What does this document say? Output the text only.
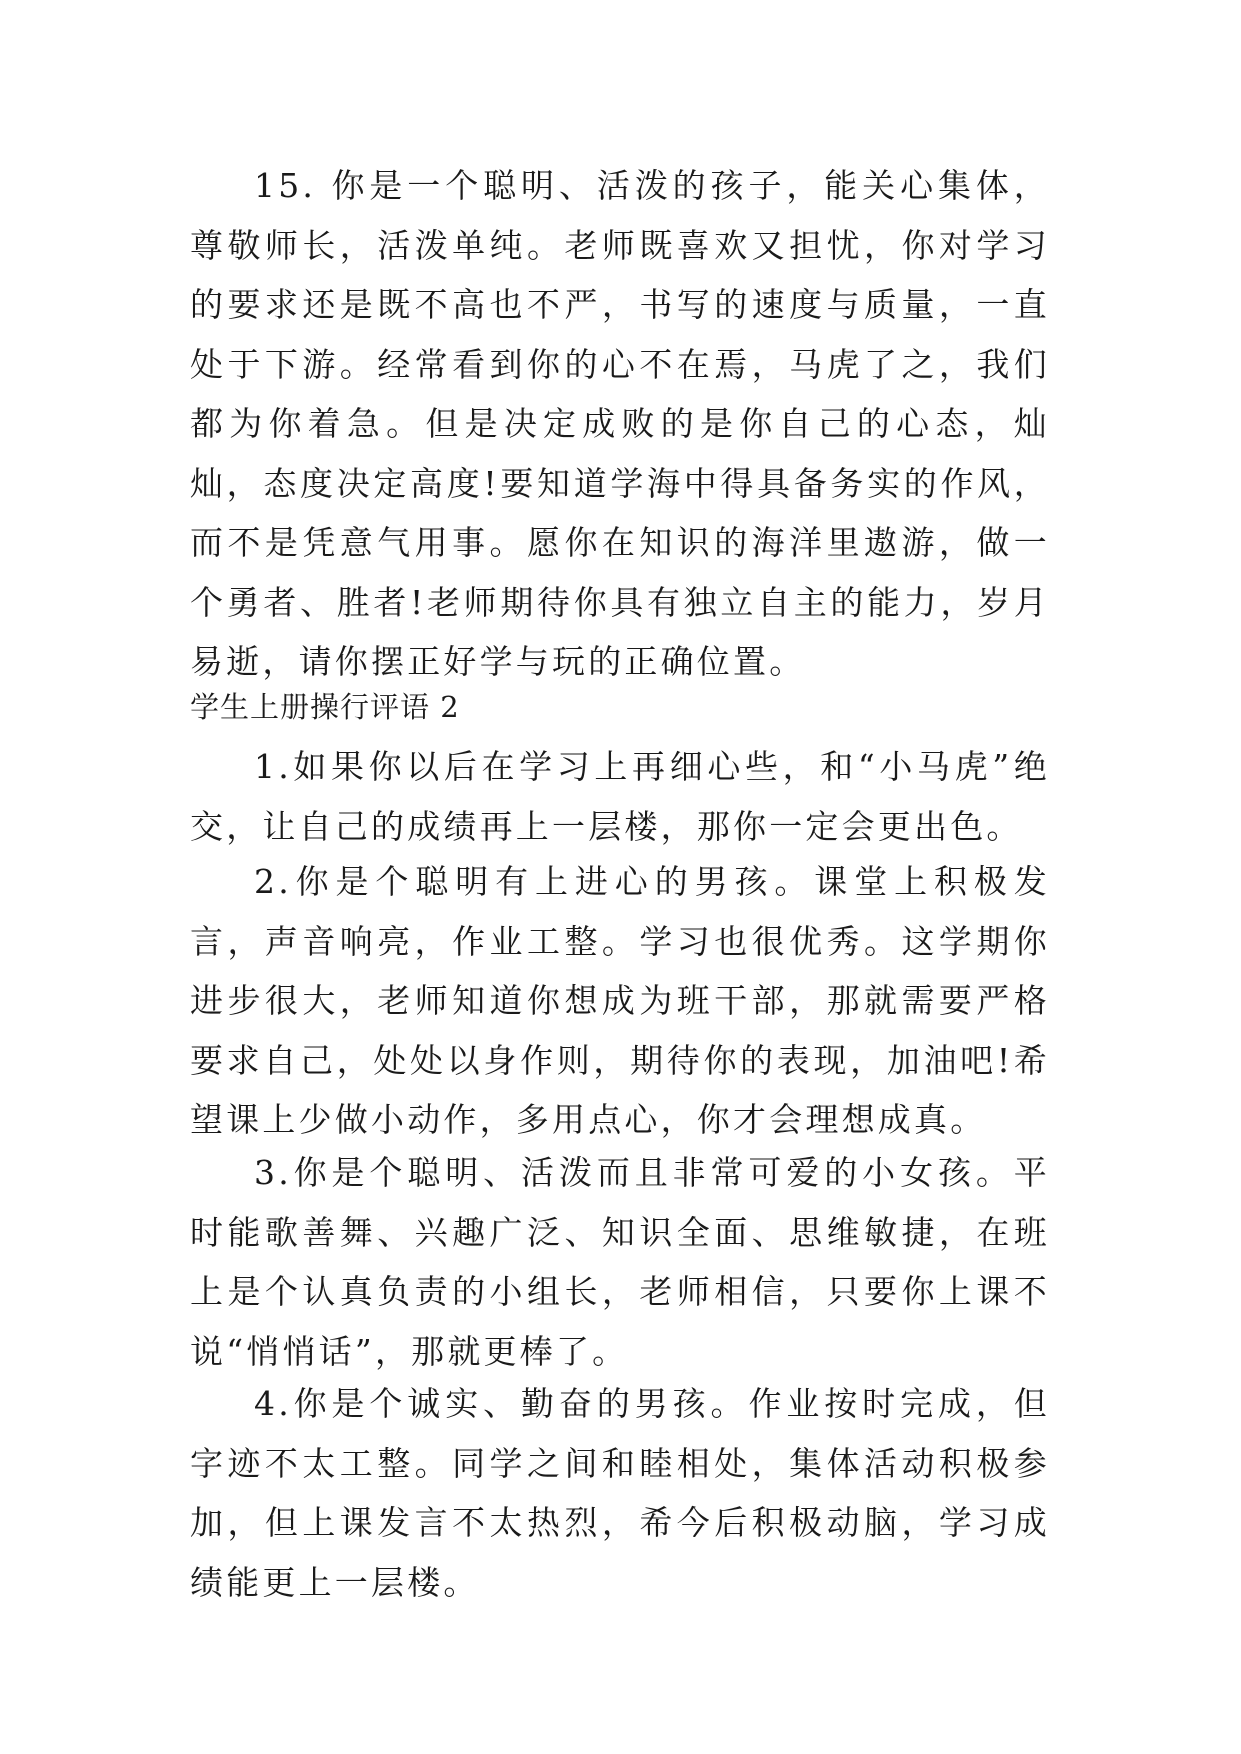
15. 你是一个聪明、活泼的孩子，能关心集体，尊敬师长，活泼单纯。老师既喜欢又担忧，你对学习的要求还是既不高也不严，书写的速度与质量，一直处于下游。经常看到你的心不在焉，马虎了之，我们都为你着急。但是决定成败的是你自己的心态，灿灿，态度决定高度!要知道学海中得具备务实的作风，而不是凭意气用事。愿你在知识的海洋里遨游，做一个勇者、胜者!老师期待你具有独立自主的能力，岁月易逝，请你摆正好学与玩的正确位置。

学生上册操行评语 2

1.如果你以后在学习上再细心些，和“小马虎”绝交，让自己的成绩再上一层楼，那你一定会更出色。

2.你是个聪明有上进心的男孩。课堂上积极发言，声音响亮，作业工整。学习也很优秀。这学期你进步很大，老师知道你想成为班干部，那就需要严格要求自己，处处以身作则，期待你的表现，加油吧!希望课上少做小动作，多用点心，你才会理想成真。

3.你是个聪明、活泼而且非常可爱的小女孩。平时能歌善舞、兴趣广泛、知识全面、思维敏捷，在班上是个认真负责的小组长，老师相信，只要你上课不说“悄悄话”，那就更棒了。

4.你是个诚实、勤奋的男孩。作业按时完成，但字迹不太工整。同学之间和睦相处，集体活动积极参加，但上课发言不太热烈，希今后积极动脑，学习成绩能更上一层楼。
